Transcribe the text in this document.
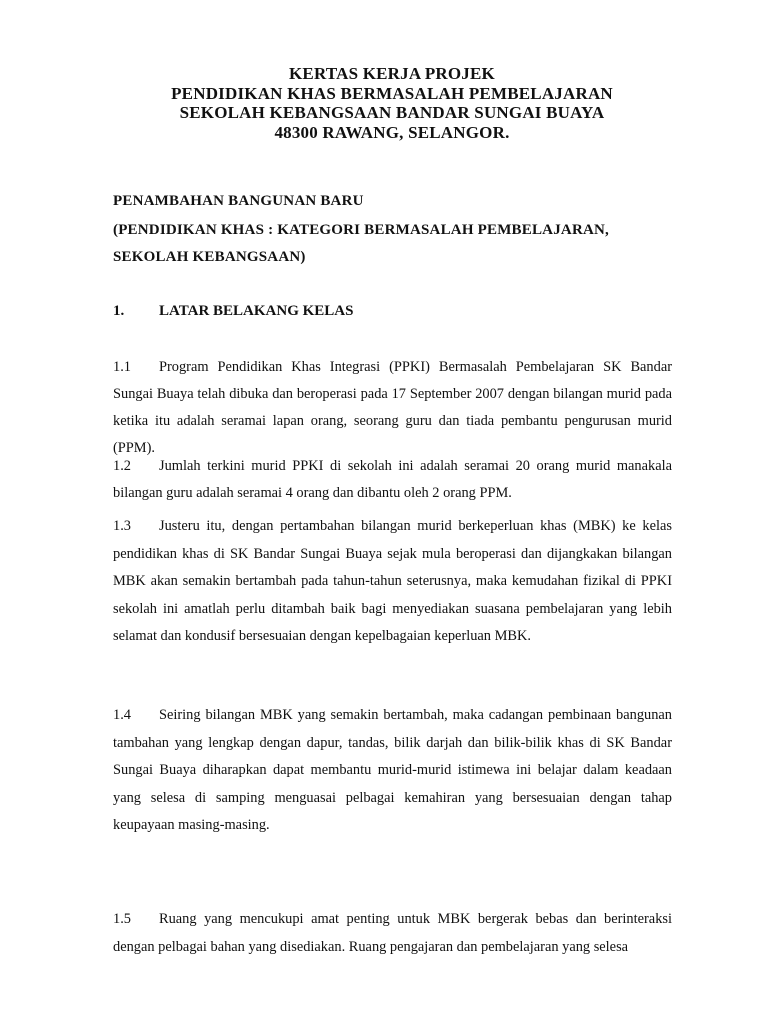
KERTAS KERJA PROJEK

PENDIDIKAN KHAS BERMASALAH PEMBELAJARAN

SEKOLAH KEBANGSAAN BANDAR SUNGAI BUAYA

48300 RAWANG, SELANGOR.

PENAMBAHAN BANGUNAN BARU
(PENDIDIKAN KHAS : KATEGORI BERMASALAH PEMBELAJARAN,
SEKOLAH KEBANGSAAN)
1. LATAR BELAKANG KELAS

1.1 Program Pendidikan Khas Integrasi (PPKI) Bermasalah Pembelajaran SK Bandar Sungai Buaya telah dibuka dan beroperasi pada 17 September 2007 dengan bilangan murid pada ketika itu adalah seramai lapan orang, seorang guru dan tiada pembantu pengurusan murid (PPM).

1.2 Jumlah terkini murid PPKI di sekolah ini adalah seramai 20 orang murid manakala bilangan guru adalah seramai 4 orang dan dibantu oleh 2 orang PPM.

1.3 Justeru itu, dengan pertambahan bilangan murid berkeperluan khas (MBK) ke kelas pendidikan khas di SK Bandar Sungai Buaya sejak mula beroperasi dan dijangkakan bilangan MBK akan semakin bertambah pada tahun-tahun seterusnya, maka kemudahan fizikal di PPKI sekolah ini amatlah perlu ditambah baik bagi menyediakan suasana pembelajaran yang lebih selamat dan kondusif bersesuaian dengan kepelbagaian keperluan MBK.

1.4 Seiring bilangan MBK yang semakin bertambah, maka cadangan pembinaan bangunan tambahan yang lengkap dengan dapur, tandas, bilik darjah dan bilik-bilik khas di SK Bandar Sungai Buaya diharapkan dapat membantu murid-murid istimewa ini belajar dalam keadaan yang selesa di samping menguasai pelbagai kemahiran yang bersesuaian dengan tahap keupayaan masing-masing.

1.5 Ruang yang mencukupi amat penting untuk MBK bergerak bebas dan berinteraksi dengan pelbagai bahan yang disediakan. Ruang pengajaran dan pembelajaran yang selesa
